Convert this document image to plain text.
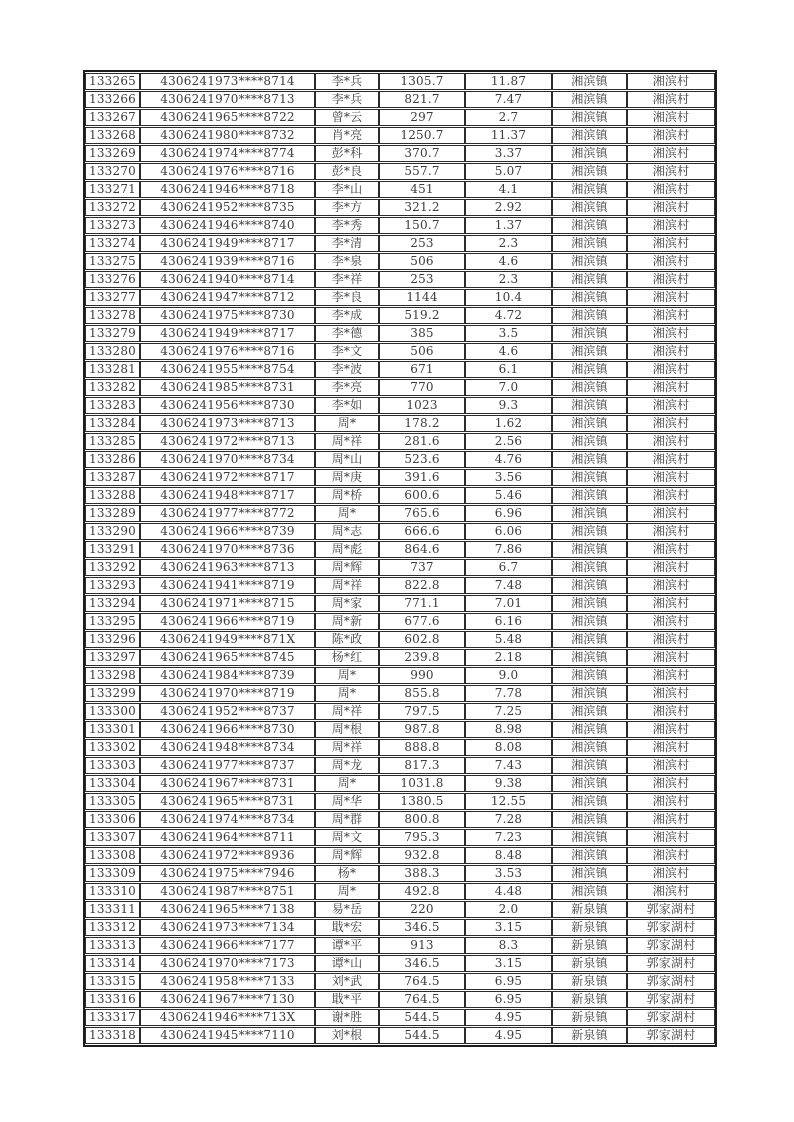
133265	4306241973****8714	李*兵	1305.7	11.87	湘滨镇	湘滨村
133266	4306241970****8713	李*兵	821.7	7.47	湘滨镇	湘滨村
133267	4306241965****8722	曾*云	297	2.7	湘滨镇	湘滨村
133268	4306241980****8732	肖*亮	1250.7	11.37	湘滨镇	湘滨村
133269	4306241974****8774	彭*科	370.7	3.37	湘滨镇	湘滨村
133270	4306241976****8716	彭*良	557.7	5.07	湘滨镇	湘滨村
133271	4306241946****8718	李*山	451	4.1	湘滨镇	湘滨村
133272	4306241952****8735	李*方	321.2	2.92	湘滨镇	湘滨村
133273	4306241946****8740	李*秀	150.7	1.37	湘滨镇	湘滨村
133274	4306241949****8717	李*清	253	2.3	湘滨镇	湘滨村
133275	4306241939****8716	李*泉	506	4.6	湘滨镇	湘滨村
133276	4306241940****8714	李*祥	253	2.3	湘滨镇	湘滨村
133277	4306241947****8712	李*良	1144	10.4	湘滨镇	湘滨村
133278	4306241975****8730	李*成	519.2	4.72	湘滨镇	湘滨村
133279	4306241949****8717	李*德	385	3.5	湘滨镇	湘滨村
133280	4306241976****8716	李*文	506	4.6	湘滨镇	湘滨村
133281	4306241955****8754	李*波	671	6.1	湘滨镇	湘滨村
133282	4306241985****8731	李*亮	770	7.0	湘滨镇	湘滨村
133283	4306241956****8730	李*如	1023	9.3	湘滨镇	湘滨村
133284	4306241973****8713	周*	178.2	1.62	湘滨镇	湘滨村
133285	4306241972****8713	周*祥	281.6	2.56	湘滨镇	湘滨村
133286	4306241970****8734	周*山	523.6	4.76	湘滨镇	湘滨村
133287	4306241972****8717	周*庚	391.6	3.56	湘滨镇	湘滨村
133288	4306241948****8717	周*桥	600.6	5.46	湘滨镇	湘滨村
133289	4306241977****8772	周*	765.6	6.96	湘滨镇	湘滨村
133290	4306241966****8739	周*志	666.6	6.06	湘滨镇	湘滨村
133291	4306241970****8736	周*彪	864.6	7.86	湘滨镇	湘滨村
133292	4306241963****8713	周*辉	737	6.7	湘滨镇	湘滨村
133293	4306241941****8719	周*祥	822.8	7.48	湘滨镇	湘滨村
133294	4306241971****8715	周*家	771.1	7.01	湘滨镇	湘滨村
133295	4306241966****8719	周*新	677.6	6.16	湘滨镇	湘滨村
133296	4306241949****871X	陈*政	602.8	5.48	湘滨镇	湘滨村
133297	4306241965****8745	杨*红	239.8	2.18	湘滨镇	湘滨村
133298	4306241984****8739	周*	990	9.0	湘滨镇	湘滨村
133299	4306241970****8719	周*	855.8	7.78	湘滨镇	湘滨村
133300	4306241952****8737	周*祥	797.5	7.25	湘滨镇	湘滨村
133301	4306241966****8730	周*根	987.8	8.98	湘滨镇	湘滨村
133302	4306241948****8734	周*祥	888.8	8.08	湘滨镇	湘滨村
133303	4306241977****8737	周*龙	817.3	7.43	湘滨镇	湘滨村
133304	4306241967****8731	周*	1031.8	9.38	湘滨镇	湘滨村
133305	4306241965****8731	周*华	1380.5	12.55	湘滨镇	湘滨村
133306	4306241974****8734	周*群	800.8	7.28	湘滨镇	湘滨村
133307	4306241964****8711	周*文	795.3	7.23	湘滨镇	湘滨村
133308	4306241972****8936	周*辉	932.8	8.48	湘滨镇	湘滨村
133309	4306241975****7946	杨*	388.3	3.53	湘滨镇	湘滨村
133310	4306241987****8751	周*	492.8	4.48	湘滨镇	湘滨村
133311	4306241965****7138	易*岳	220	2.0	新泉镇	郭家湖村
133312	4306241973****7134	戢*宏	346.5	3.15	新泉镇	郭家湖村
133313	4306241966****7177	谭*平	913	8.3	新泉镇	郭家湖村
133314	4306241970****7173	谭*山	346.5	3.15	新泉镇	郭家湖村
133315	4306241958****7133	刘*武	764.5	6.95	新泉镇	郭家湖村
133316	4306241967****7130	戢*平	764.5	6.95	新泉镇	郭家湖村
133317	4306241946****713X	谢*胜	544.5	4.95	新泉镇	郭家湖村
133318	4306241945****7110	刘*根	544.5	4.95	新泉镇	郭家湖村
